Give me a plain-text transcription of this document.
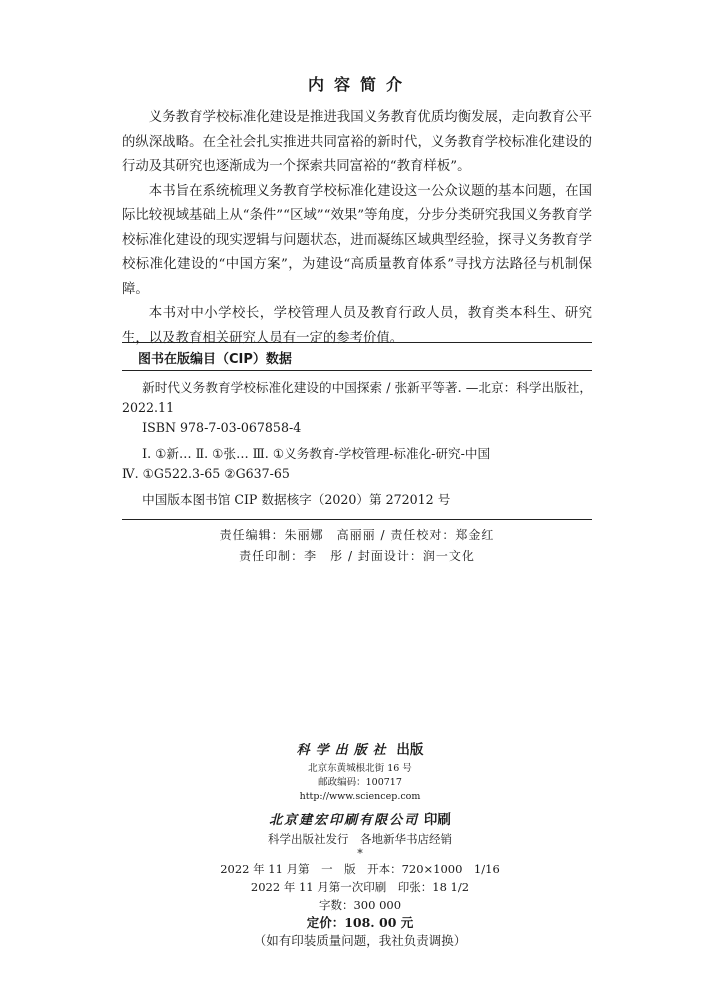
内容简介

义务教育学校标准化建设是推进我国义务教育优质均衡发展，走向教育公平的纵深战略。在全社会扎实推进共同富裕的新时代，义务教育学校标准化建设的行动及其研究也逐渐成为一个探索共同富裕的“教育样板”。

本书旨在系统梳理义务教育学校标准化建设这一公众议题的基本问题，在国际比较视域基础上从“条件”“区域”“效果”等角度，分步分类研究我国义务教育学校标准化建设的现实逻辑与问题状态，进而凝练区域典型经验，探寻义务教育学校标准化建设的“中国方案”，为建设“高质量教育体系”寻找方法路径与机制保障。

本书对中小学校长，学校管理人员及教育行政人员，教育类本科生、研究生，以及教育相关研究人员有一定的参考价值。

图书在版编目（CIP）数据

新时代义务教育学校标准化建设的中国探索 / 张新平等著. —北京：科学出版社，2022.11

ISBN 978-7-03-067858-4

Ⅰ. ①新… Ⅱ. ①张… Ⅲ. ①义务教育-学校管理-标准化-研究-中国

Ⅳ. ①G522.3-65 ②G637-65

中国版本图书馆 CIP 数据核字（2020）第 272012 号

责任编辑：朱丽娜　高丽丽 / 责任校对：郑金红
责任印制：李　彤 / 封面设计：润一文化
科学出版社 出版
北京东黄城根北街 16 号
邮政编码：100717
http://www.sciencep.com
北京建宏印刷有限公司 印刷
科学出版社发行　各地新华书店经销
*
2022 年 11 月第　一　版　开本：720×1000　1/16
2022 年 11 月第一次印刷　印张：18 1/2
字数：300 000
定价：108. 00 元
（如有印装质量问题，我社负责调换）
